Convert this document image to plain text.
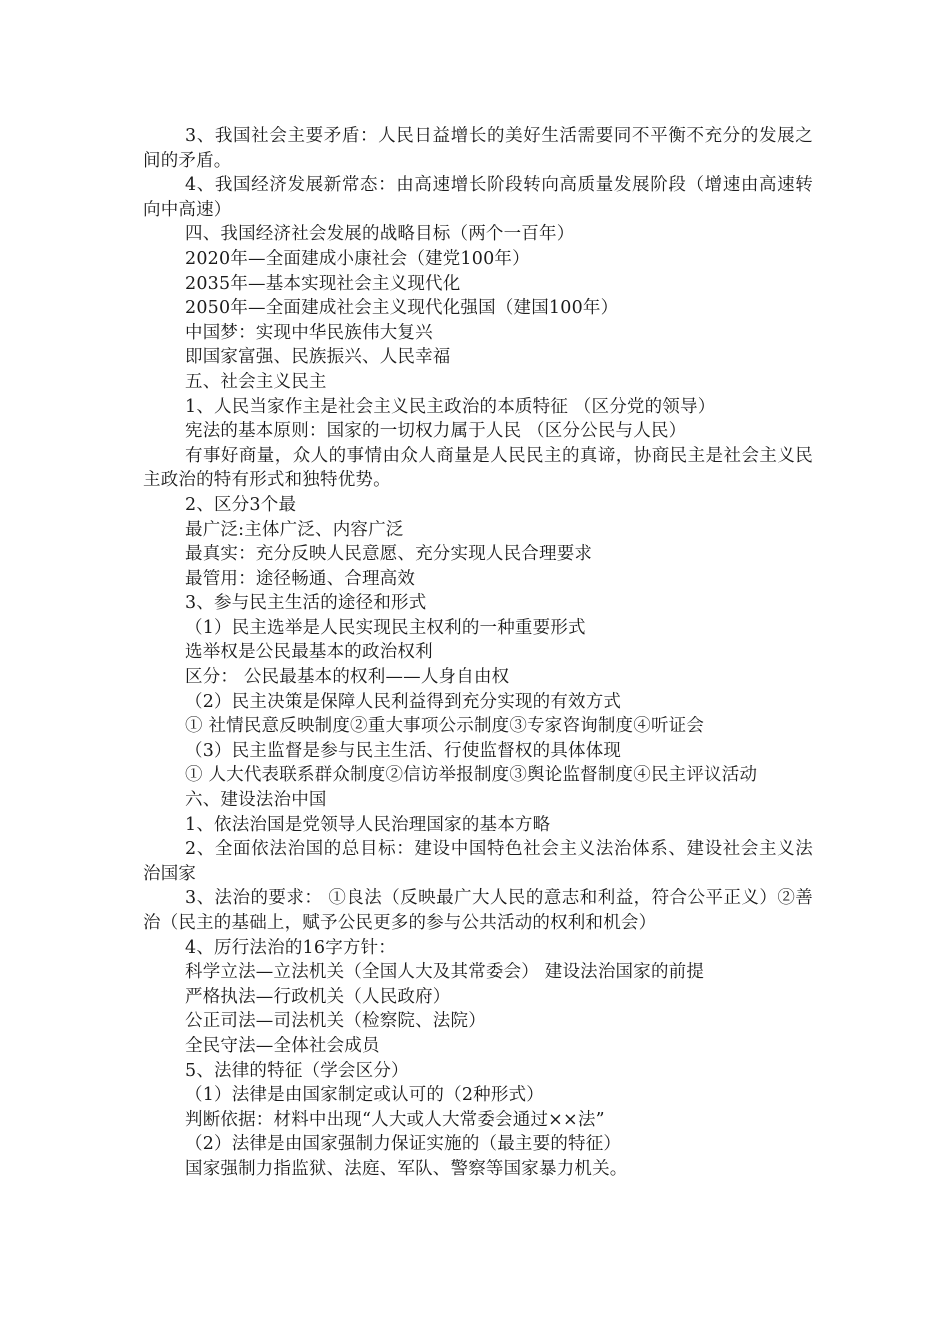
3、我国社会主要矛盾：人民日益增长的美好生活需要同不平衡不充分的发展之间的矛盾。

4、我国经济发展新常态：由高速增长阶段转向高质量发展阶段（增速由高速转向中高速）

四、我国经济社会发展的战略目标（两个一百年）

2020年—全面建成小康社会（建党100年）

2035年—基本实现社会主义现代化

2050年—全面建成社会主义现代化强国（建国100年）

中国梦：实现中华民族伟大复兴

即国家富强、民族振兴、人民幸福

五、社会主义民主

1、人民当家作主是社会主义民主政治的本质特征 （区分党的领导）

宪法的基本原则：国家的一切权力属于人民 （区分公民与人民）

有事好商量，众人的事情由众人商量是人民民主的真谛，协商民主是社会主义民主政治的特有形式和独特优势。

2、区分3个最

最广泛:主体广泛、内容广泛

最真实：充分反映人民意愿、充分实现人民合理要求

最管用：途径畅通、合理高效

3、参与民主生活的途径和形式

（1）民主选举是人民实现民主权利的一种重要形式

选举权是公民最基本的政治权利

区分： 公民最基本的权利——人身自由权

（2）民主决策是保障人民利益得到充分实现的有效方式

① 社情民意反映制度②重大事项公示制度③专家咨询制度④听证会

（3）民主监督是参与民主生活、行使监督权的具体体现

① 人大代表联系群众制度②信访举报制度③舆论监督制度④民主评议活动

六、建设法治中国

1、依法治国是党领导人民治理国家的基本方略

2、全面依法治国的总目标：建设中国特色社会主义法治体系、建设社会主义法治国家

3、法治的要求： ①良法（反映最广大人民的意志和利益，符合公平正义）②善治（民主的基础上，赋予公民更多的参与公共活动的权利和机会）

4、厉行法治的16字方针：

科学立法—立法机关（全国人大及其常委会） 建设法治国家的前提

严格执法—行政机关（人民政府）

公正司法—司法机关（检察院、法院）

全民守法—全体社会成员

5、法律的特征（学会区分）

（1）法律是由国家制定或认可的（2种形式）

判断依据：材料中出现“人大或人大常委会通过××法”

（2）法律是由国家强制力保证实施的（最主要的特征）

国家强制力指监狱、法庭、军队、警察等国家暴力机关。
